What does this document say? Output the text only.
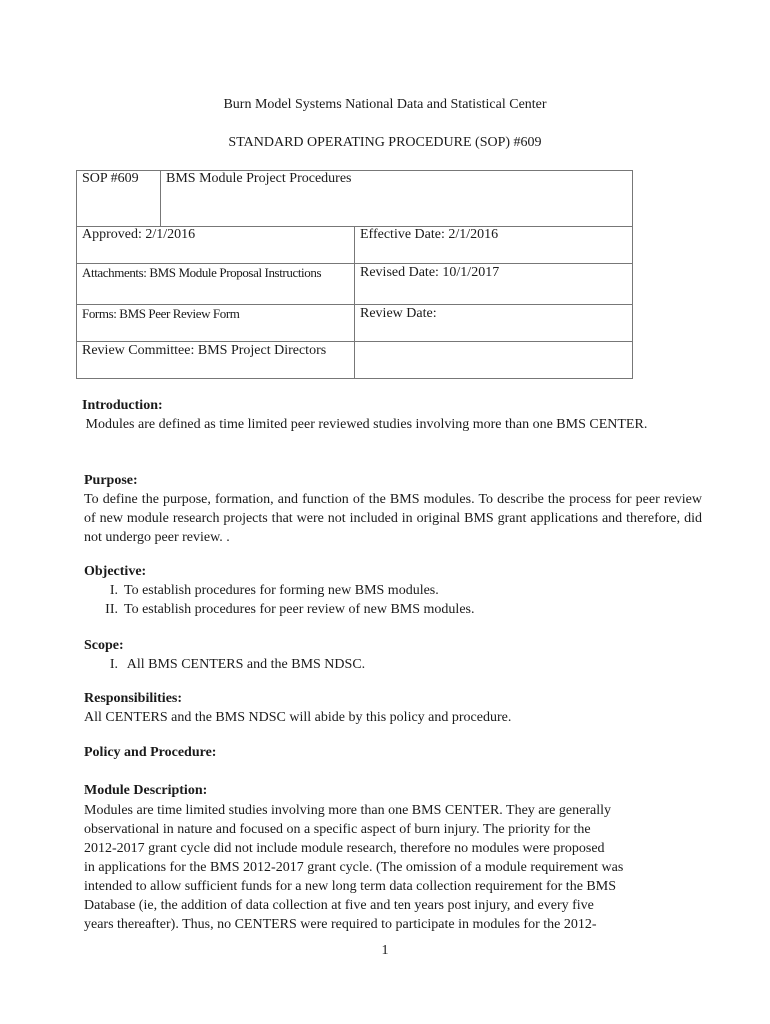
Burn Model Systems National Data and Statistical Center
STANDARD OPERATING PROCEDURE (SOP) #609
SOP #609	BMS Module Project Procedures	
Approved: 2/1/2016		Effective Date: 2/1/2016
Attachments: BMS Module Proposal Instructions		Revised Date: 10/1/2017
Forms: BMS Peer Review Form		Review Date:
Review Committee: BMS Project Directors		
Introduction:
Modules are defined as time limited peer reviewed studies involving more than one BMS CENTER.
Purpose:
To define the purpose, formation, and function of the BMS modules. To describe the process for peer review of new module research projects that were not included in original BMS grant applications and therefore, did not undergo peer review. .
Objective:
I. To establish procedures for forming new BMS modules.
II. To establish procedures for peer review of new BMS modules.
Scope:
I. All BMS CENTERS and the BMS NDSC.
Responsibilities:
All CENTERS and the BMS NDSC will abide by this policy and procedure.
Policy and Procedure:
Module Description:
Modules are time limited studies involving more than one BMS CENTER. They are generally
observational in nature and focused on a specific aspect of burn injury. The priority for the
2012-2017 grant cycle did not include module research, therefore no modules were proposed
in applications for the BMS 2012-2017 grant cycle. (The omission of a module requirement was
intended to allow sufficient funds for a new long term data collection requirement for the BMS
Database (ie, the addition of data collection at five and ten years post injury, and every five
years thereafter). Thus, no CENTERS were required to participate in modules for the 2012-
1
